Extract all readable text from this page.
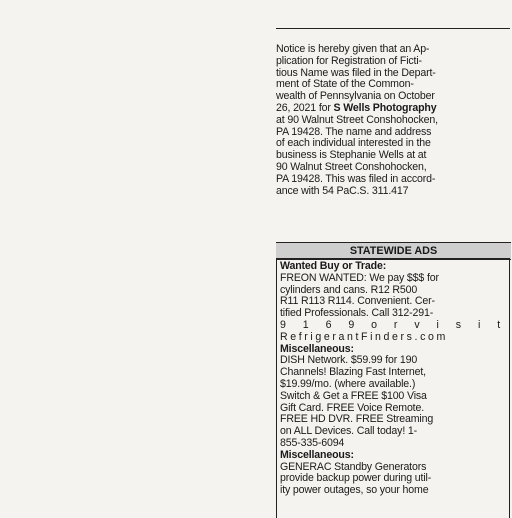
Notice is hereby given that an Ap-
plication for Registration of Ficti-
tious Name was filed in the Depart-
ment of State of the Common-
wealth of Pennsylvania on October
26, 2021 for S Wells Photography
at 90 Walnut Street Conshohocken,
PA 19428. The name and address
of each individual interested in the
business is Stephanie Wells at at
90 Walnut Street Conshohocken,
PA 19428. This was filed in accord-
ance with 54 PaC.S. 311.417
STATEWIDE ADS
Wanted Buy or Trade:
FREON WANTED: We pay $$$ for
cylinders and cans. R12 R500
R11 R113 R114. Convenient. Cer-
tified Professionals. Call 312-291-
9 1 6 9 o r v i s i t
RefrigerantFinders.com
Miscellaneous:
DISH Network. $59.99 for 190
Channels! Blazing Fast Internet,
$19.99/mo. (where available.)
Switch & Get a FREE $100 Visa
Gift Card. FREE Voice Remote.
FREE HD DVR. FREE Streaming
on ALL Devices. Call today! 1-
855-335-6094
Miscellaneous:
GENERAC Standby Generators
provide backup power during util-
ity power outages, so your home
